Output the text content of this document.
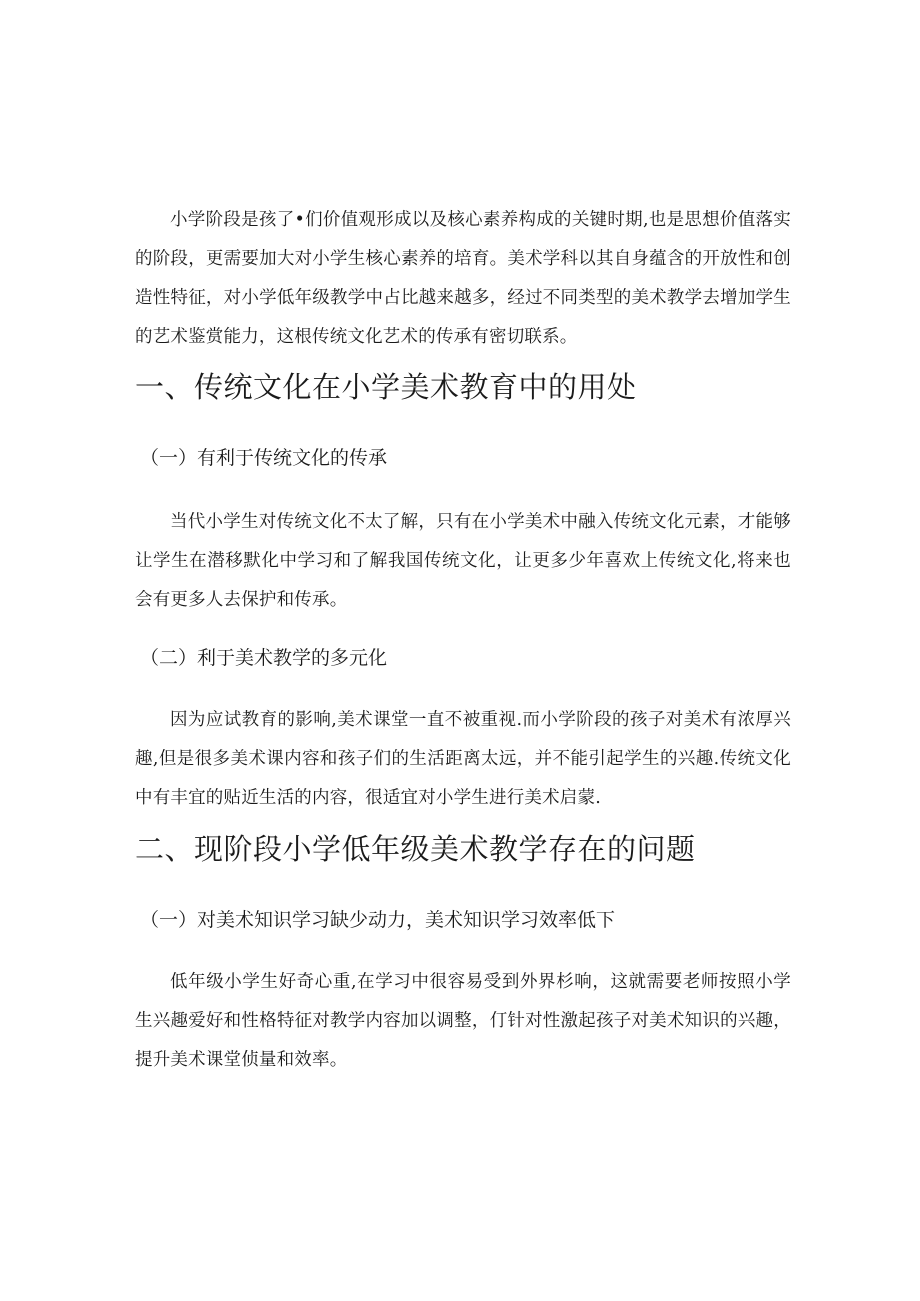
小学阶段是孩了•们价值观形成以及核心素养构成的关键时期,也是思想价值落实的阶段，更需要加大对小学生核心素养的培育。美术学科以其自身蕴含的开放性和创造性特征，对小学低年级教学中占比越来越多，经过不同类型的美术教学去增加学生的艺术鉴赏能力，这根传统文化艺术的传承有密切联系。

一、传统文化在小学美术教育中的用处
（一）有利于传统文化的传承

当代小学生对传统文化不太了解，只有在小学美术中融入传统文化元素，才能够让学生在潜移默化中学习和了解我国传统文化，让更多少年喜欢上传统文化,将来也会有更多人去保护和传承。

（二）利于美术教学的多元化

因为应试教育的影响,美术课堂一直不被重视.而小学阶段的孩子对美术有浓厚兴趣,但是很多美术课内容和孩子们的生活距离太远，并不能引起学生的兴趣.传统文化中有丰宜的贴近生活的内容，很适宜对小学生进行美术启蒙.

二、现阶段小学低年级美术教学存在的问题
（一）对美术知识学习缺少动力，美术知识学习效率低下

低年级小学生好奇心重,在学习中很容易受到外界杉响，这就需要老师按照小学生兴趣爱好和性格特征对教学内容加以调整，仃针对性激起孩子对美术知识的兴趣，提升美术课堂侦量和效率。
